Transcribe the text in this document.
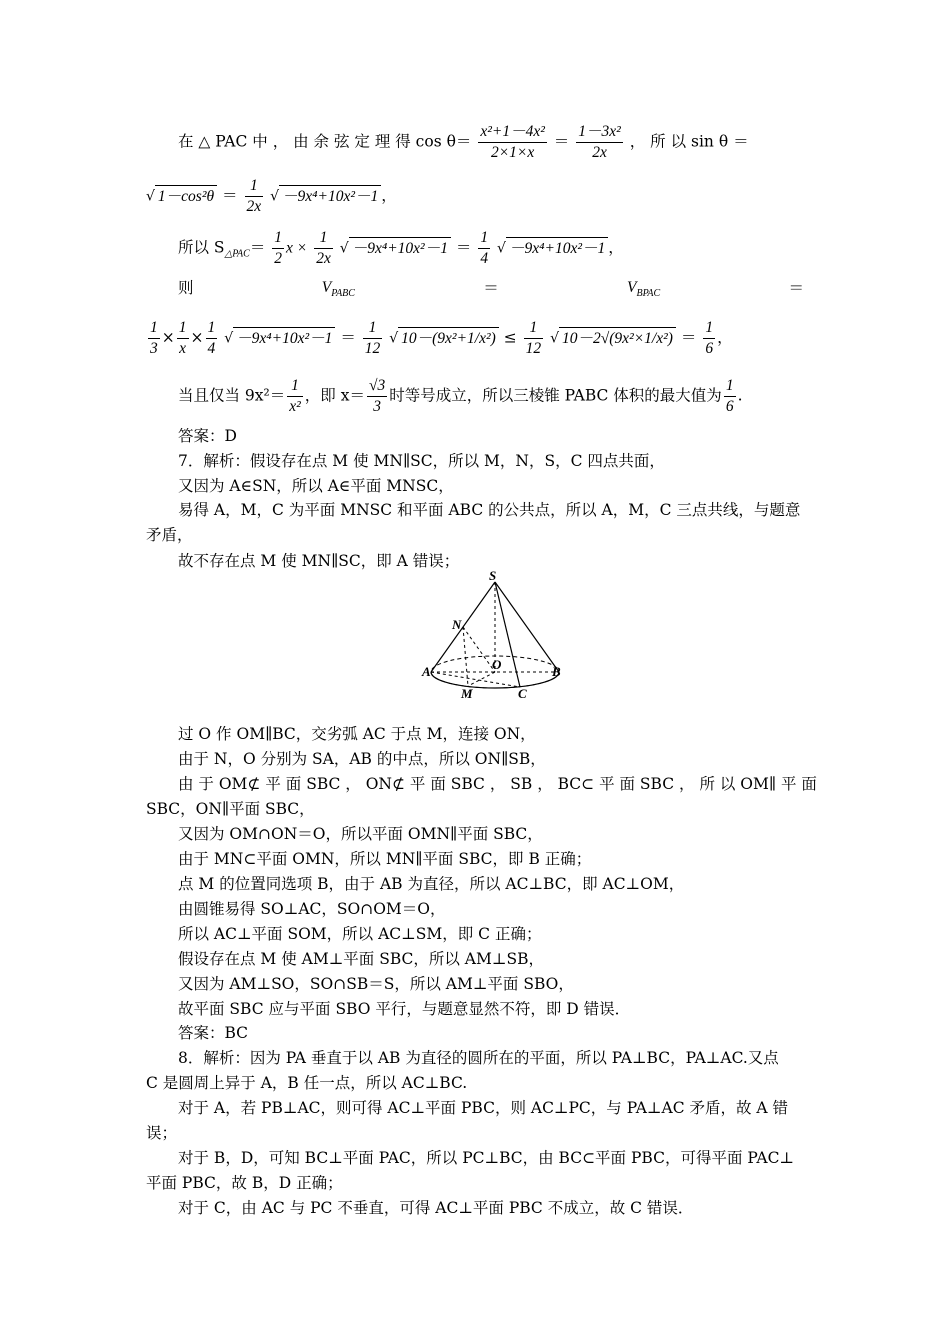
在 △ PAC 中 ， 由 余 弦 定 理 得 $\cos \theta= \frac{\text{x²+1－4x²}}{2\times 1\times x} = \frac{\text{1－3x²}}{2x}$ ， 所 以 sin θ ＝
√ $1-\cos^2\theta = \frac{1}{2x}$ √ －9x⁴+10x²－1 ，
所以 $S_{\triangle PAC}= \frac{1}{2}$ $x \times \frac{1}{2x}$ √ $-9x^4+10x^2-1 = \frac{1}{4}$ √ －9x⁴+10x²－1 ，
则	$V_{PABC}$	＝	$V_{BPAC}$	＝
$\frac{1}{3} \times \frac{1}{x} \times \frac{1}{4}$ √ $-9x^4+10x^2-1 = \frac{1}{12}$ √ $10-(9x^2+1/x^2) \le \frac{1}{12}$ √ $10-2√(9x^2\times 1/x^2) = \frac{1}{6}$ ，
当且仅当 $9x^2= \frac{1}{\text{x²}}$ ，即 $x= \frac{√3}{3}$ 时等号成立，所以三棱锥 PABC 体积的最大值为 $\frac{1}{6}$ .
答案：D
7．解析：假设存在点 M 使 MN∥SC，所以 M，N，S，C 四点共面，
又因为 A∈SN，所以 A∈平面 MNSC，
易得 A，M，C 为平面 MNSC 和平面 ABC 的公共点，所以 A，M，C 三点共线，与题意
矛盾，
故不存在点 M 使 MN∥SC，即 A 错误；
S
N
O
A	B
M	C
过 O 作 OM∥BC，交劣弧 AC 于点 M，连接 ON，
由于 N，O 分别为 SA，AB 的中点，所以 ON∥SB，
由 于 OM⊄ 平 面 SBC ， ON⊄ 平 面 SBC ， SB ， BC⊂ 平 面 SBC ， 所 以 OM∥ 平 面
SBC，ON∥平面 SBC，
又因为 OM∩ON＝O，所以平面 OMN∥平面 SBC，
由于 MN⊂平面 OMN，所以 MN∥平面 SBC，即 B 正确；
点 M 的位置同选项 B，由于 AB 为直径，所以 AC⊥BC，即 AC⊥OM，
由圆锥易得 SO⊥AC，SO∩OM＝O，
所以 AC⊥平面 SOM，所以 AC⊥SM，即 C 正确；
假设存在点 M 使 AM⊥平面 SBC，所以 AM⊥SB，
又因为 AM⊥SO，SO∩SB＝S，所以 AM⊥平面 SBO，
故平面 SBC 应与平面 SBO 平行，与题意显然不符，即 D 错误．
答案：BC
8．解析：因为 PA 垂直于以 AB 为直径的圆所在的平面，所以 PA⊥BC，PA⊥AC.又点
C 是圆周上异于 A，B 任一点，所以 AC⊥BC.
对于 A，若 PB⊥AC，则可得 AC⊥平面 PBC，则 AC⊥PC，与 PA⊥AC 矛盾，故 A 错
误；
对于 B，D，可知 BC⊥平面 PAC，所以 PC⊥BC，由 BC⊂平面 PBC，可得平面 PAC⊥
平面 PBC，故 B，D 正确；
对于 C，由 AC 与 PC 不垂直，可得 AC⊥平面 PBC 不成立，故 C 错误．
